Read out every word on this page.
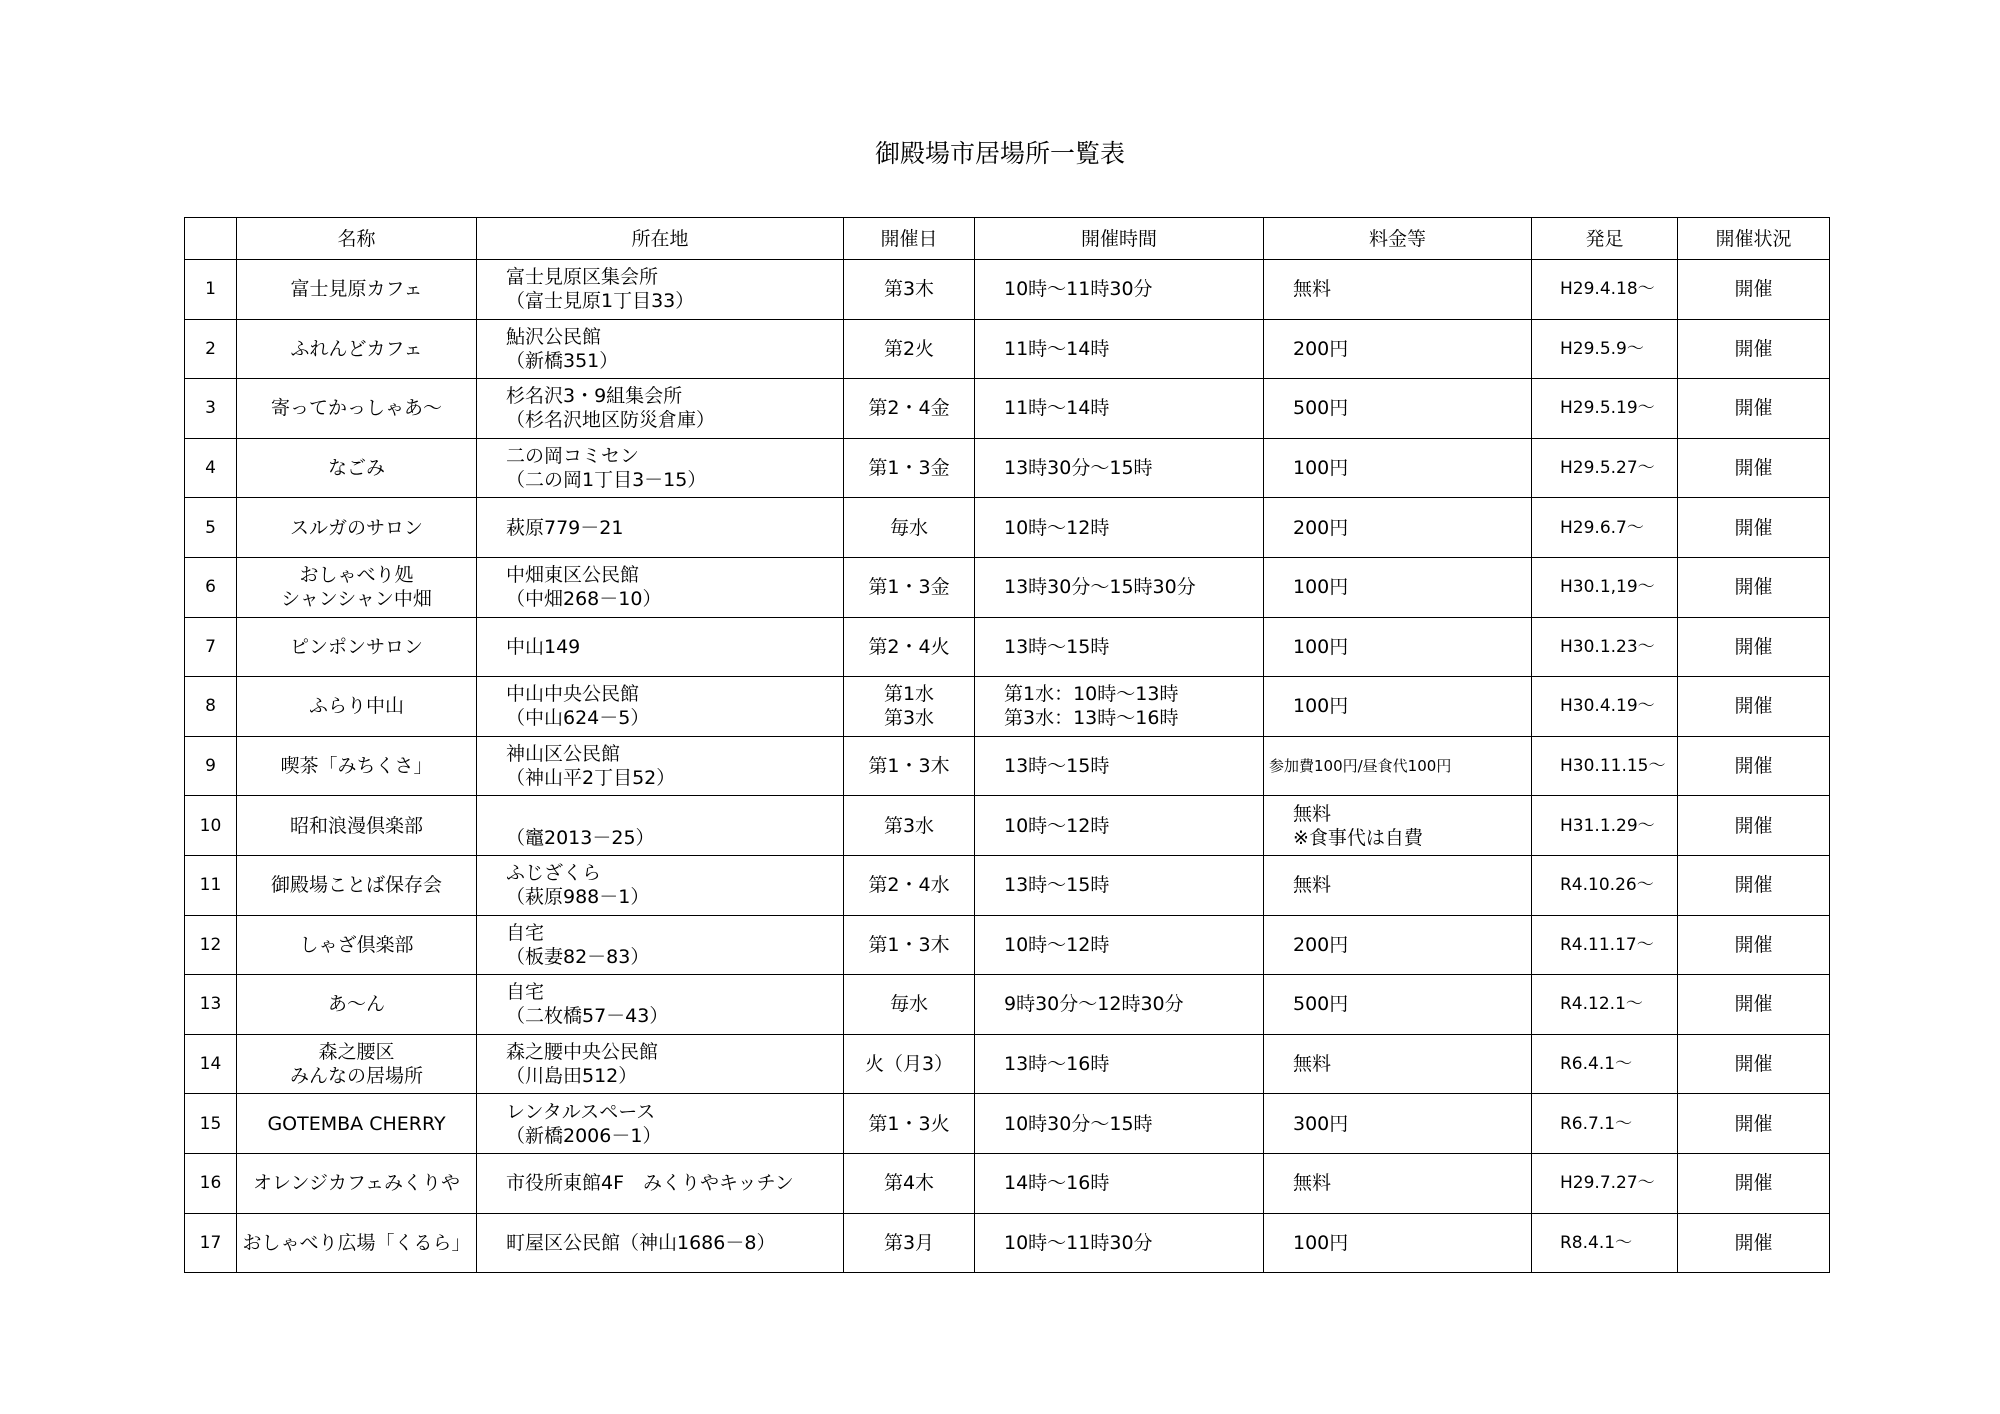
御殿場市居場所一覧表
	名称	所在地	開催日	開催時間	料金等	発足	開催状況
1	富士見原カフェ	富士見原区集会所
（富士見原1丁目33）	第3木	10時～11時30分	無料	H29.4.18～	開催
2	ふれんどカフェ	鮎沢公民館
（新橋351）	第2火	11時～14時	200円	H29.5.9～	開催
3	寄ってかっしゃあ～	杉名沢3・9組集会所
（杉名沢地区防災倉庫）	第2・4金	11時～14時	500円	H29.5.19～	開催
4	なごみ	二の岡コミセン
（二の岡1丁目3－15）	第1・3金	13時30分～15時	100円	H29.5.27～	開催
5	スルガのサロン	萩原779－21	毎水	10時～12時	200円	H29.6.7～	開催
6	おしゃべり処
シャンシャン中畑	中畑東区公民館
（中畑268－10）	第1・3金	13時30分～15時30分	100円	H30.1,19～	開催
7	ピンポンサロン	中山149	第2・4火	13時～15時	100円	H30.1.23～	開催
8	ふらり中山	中山中央公民館
（中山624－5）	第1水
第3水	第1水：10時～13時
第3水：13時～16時	100円	H30.4.19～	開催
9	喫茶「みちくさ」	神山区公民館
（神山平2丁目52）	第1・3木	13時～15時	参加費100円/昼食代100円	H30.11.15～	開催
10	昭和浪漫倶楽部	（竈2013－25）	第3水	10時～12時	無料
※食事代は自費	H31.1.29～	開催
11	御殿場ことば保存会	ふじざくら
（萩原988－1）	第2・4水	13時～15時	無料	R4.10.26～	開催
12	しゃざ倶楽部	自宅
（板妻82－83）	第1・3木	10時～12時	200円	R4.11.17～	開催
13	あ～ん	自宅
（二枚橋57－43）	毎水	9時30分～12時30分	500円	R4.12.1～	開催
14	森之腰区
みんなの居場所	森之腰中央公民館
（川島田512）	火（月3）	13時～16時	無料	R6.4.1～	開催
15	GOTEMBA CHERRY	レンタルスペース
（新橋2006－1）	第1・3火	10時30分～15時	300円	R6.7.1～	開催
16	オレンジカフェみくりや	市役所東館4F　みくりやキッチン	第4木	14時～16時	無料	H29.7.27～	開催
17	おしゃべり広場「くるら」	町屋区公民館（神山1686－8）	第3月	10時～11時30分	100円	R8.4.1～	開催
